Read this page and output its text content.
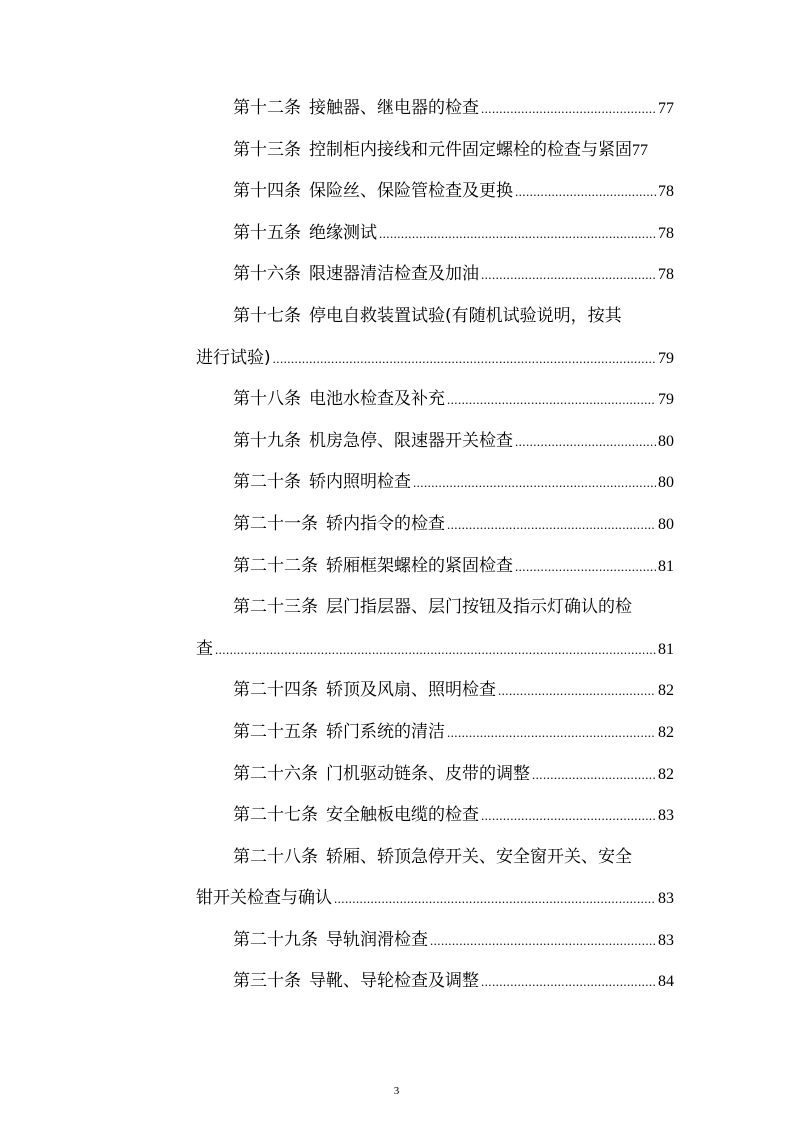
第十二条 接触器、继电器的检查 .....	77
第十三条 控制柜内接线和元件固定螺栓的检查与紧固 77
第十四条 保险丝、保险管检查及更换 .....	78
第十五条 绝缘测试 .....	78
第十六条 限速器清洁检查及加油 .....	78
第十七条 停电自救装置试验(有随机试验说明，按其
进行试验) .....	79
第十八条 电池水检查及补充 .....	79
第十九条 机房急停、限速器开关检查 .....	80
第二十条 轿内照明检查 .....	80
第二十一条 轿内指令的检查 .....	80
第二十二条 轿厢框架螺栓的紧固检查 .....	81
第二十三条 层门指层器、层门按钮及指示灯确认的检
查 .....	81
第二十四条 轿顶及风扇、照明检查 .....	82
第二十五条 轿门系统的清洁 .....	82
第二十六条 门机驱动链条、皮带的调整 .....	82
第二十七条 安全触板电缆的检查 .....	83
第二十八条 轿厢、轿顶急停开关、安全窗开关、安全
钳开关检查与确认 .....	83
第二十九条 导轨润滑检查 .....	83
第三十条 导靴、导轮检查及调整 .....	84
3
